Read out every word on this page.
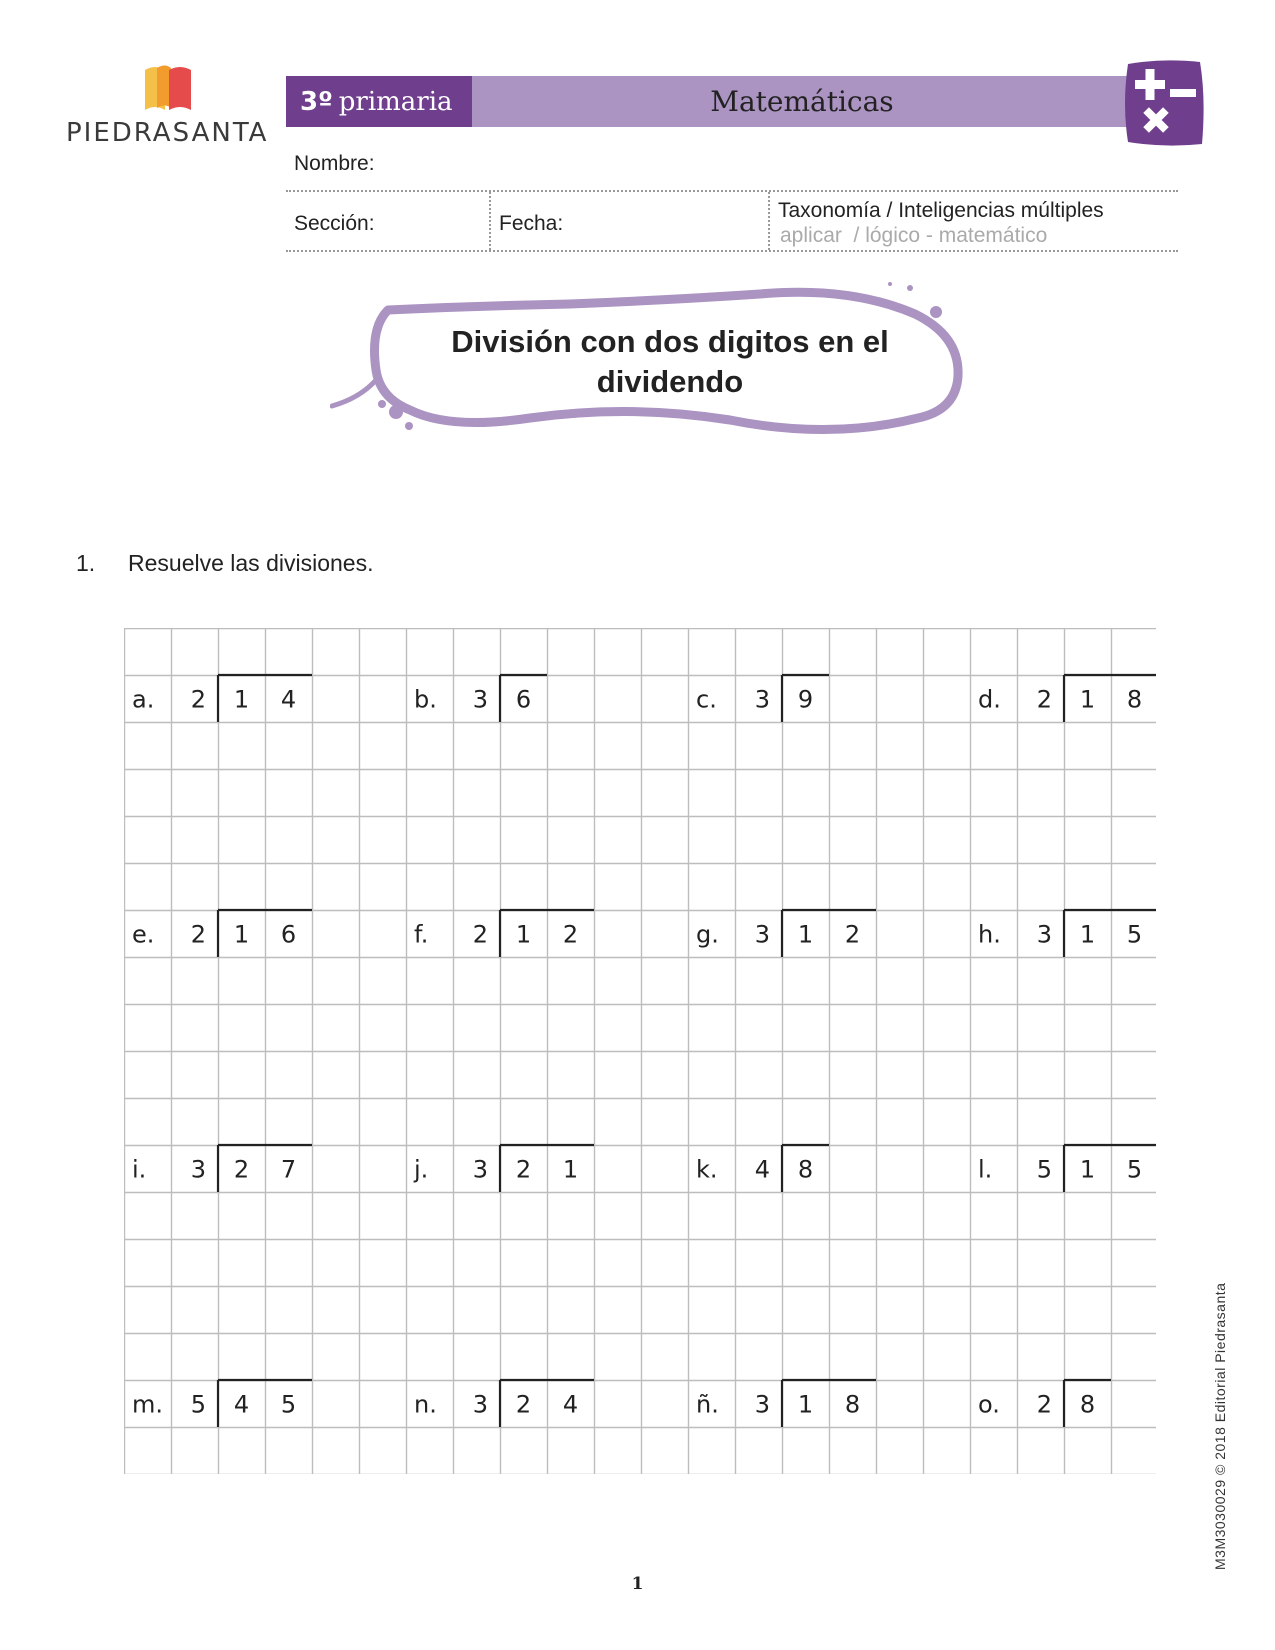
PIEDRASANTA
3º primaria	Matemáticas
Nombre:
Sección:	Fecha:
Taxonomía / Inteligencias múltiples
aplicar  / lógico - matemático
División con dos digitos en el
dividendo
1. Resuelve las divisiones.
a. 2 1 4	b. 3 6	c. 3 9	d. 2 1 8
e. 2 1 6	f. 2 1 2	g. 3 1 2	h. 3 1 5
i. 3 2 7	j. 3 2 1	k. 4 8	l. 5 1 5
m. 5 4 5	n. 3 2 4	ñ. 3 1 8	o. 2 8
1
M3M3030029 © 2018 Editorial Piedrasanta
